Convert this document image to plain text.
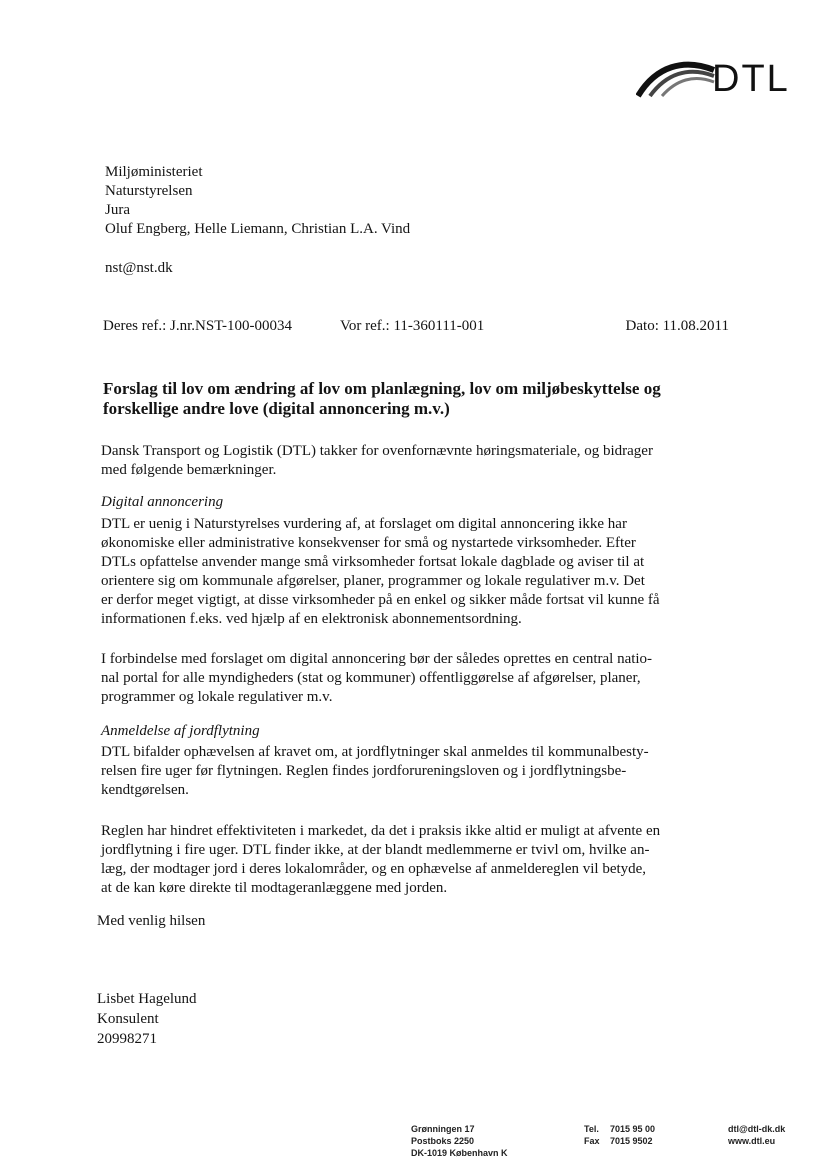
DTL
Miljøministeriet
Naturstyrelsen
Jura
Oluf Engberg, Helle Liemann, Christian L.A. Vind
nst@nst.dk
Deres ref.: J.nr.NST-100-00034	Vor ref.: 11-360111-001	Dato: 11.08.2011
Forslag til lov om ændring af lov om planlægning, lov om miljøbeskyttelse og
forskellige andre love (digital annoncering m.v.)
Dansk Transport og Logistik (DTL) takker for ovenfornævnte høringsmateriale, og bidrager
med følgende bemærkninger.
Digital annoncering
DTL er uenig i Naturstyrelses vurdering af, at forslaget om digital annoncering ikke har
økonomiske eller administrative konsekvenser for små og nystartede virksomheder. Efter
DTLs opfattelse anvender mange små virksomheder fortsat lokale dagblade og aviser til at
orientere sig om kommunale afgørelser, planer, programmer og lokale regulativer m.v. Det
er derfor meget vigtigt, at disse virksomheder på en enkel og sikker måde fortsat vil kunne få
informationen f.eks. ved hjælp af en elektronisk abonnementsordning.
I forbindelse med forslaget om digital annoncering bør der således oprettes en central natio-
nal portal for alle myndigheders (stat og kommuner) offentliggørelse af afgørelser, planer,
programmer og lokale regulativer m.v.
Anmeldelse af jordflytning
DTL bifalder ophævelsen af kravet om, at jordflytninger skal anmeldes til kommunalbesty-
relsen fire uger før flytningen. Reglen findes jordforureningsloven og i jordflytningsbe-
kendtgørelsen.
Reglen har hindret effektiviteten i markedet, da det i praksis ikke altid er muligt at afvente en
jordflytning i fire uger. DTL finder ikke, at der blandt medlemmerne er tvivl om, hvilke an-
læg, der modtager jord i deres lokalområder, og en ophævelse af anmeldereglen vil betyde,
at de kan køre direkte til modtageranlæggene med jorden.
Med venlig hilsen
Lisbet Hagelund
Konsulent
20998271
Grønningen 17
Postboks 2250
DK-1019 København K
Tel. 7015 95 00
Fax 7015 9502
dtl@dtl-dk.dk
www.dtl.eu
